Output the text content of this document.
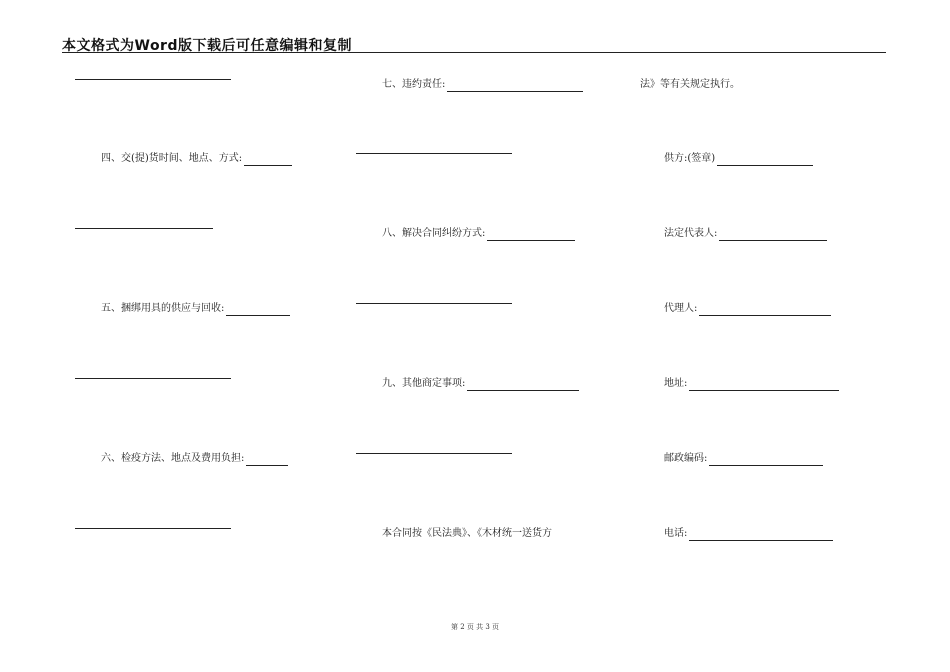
本文格式为Word版下载后可任意编辑和复制
四、交(提)货时间、地点、方式:
五、捆绑用具的供应与回收:
六、检疫方法、地点及费用负担:
七、违约责任:
八、解决合同纠纷方式:
九、其他商定事项:
本合同按《民法典》、《木材统一送货方
法》等有关规定执行。
供方:(签章)
法定代表人:
代理人:
地址:
邮政编码:
电话:
第 2 页 共 3 页
